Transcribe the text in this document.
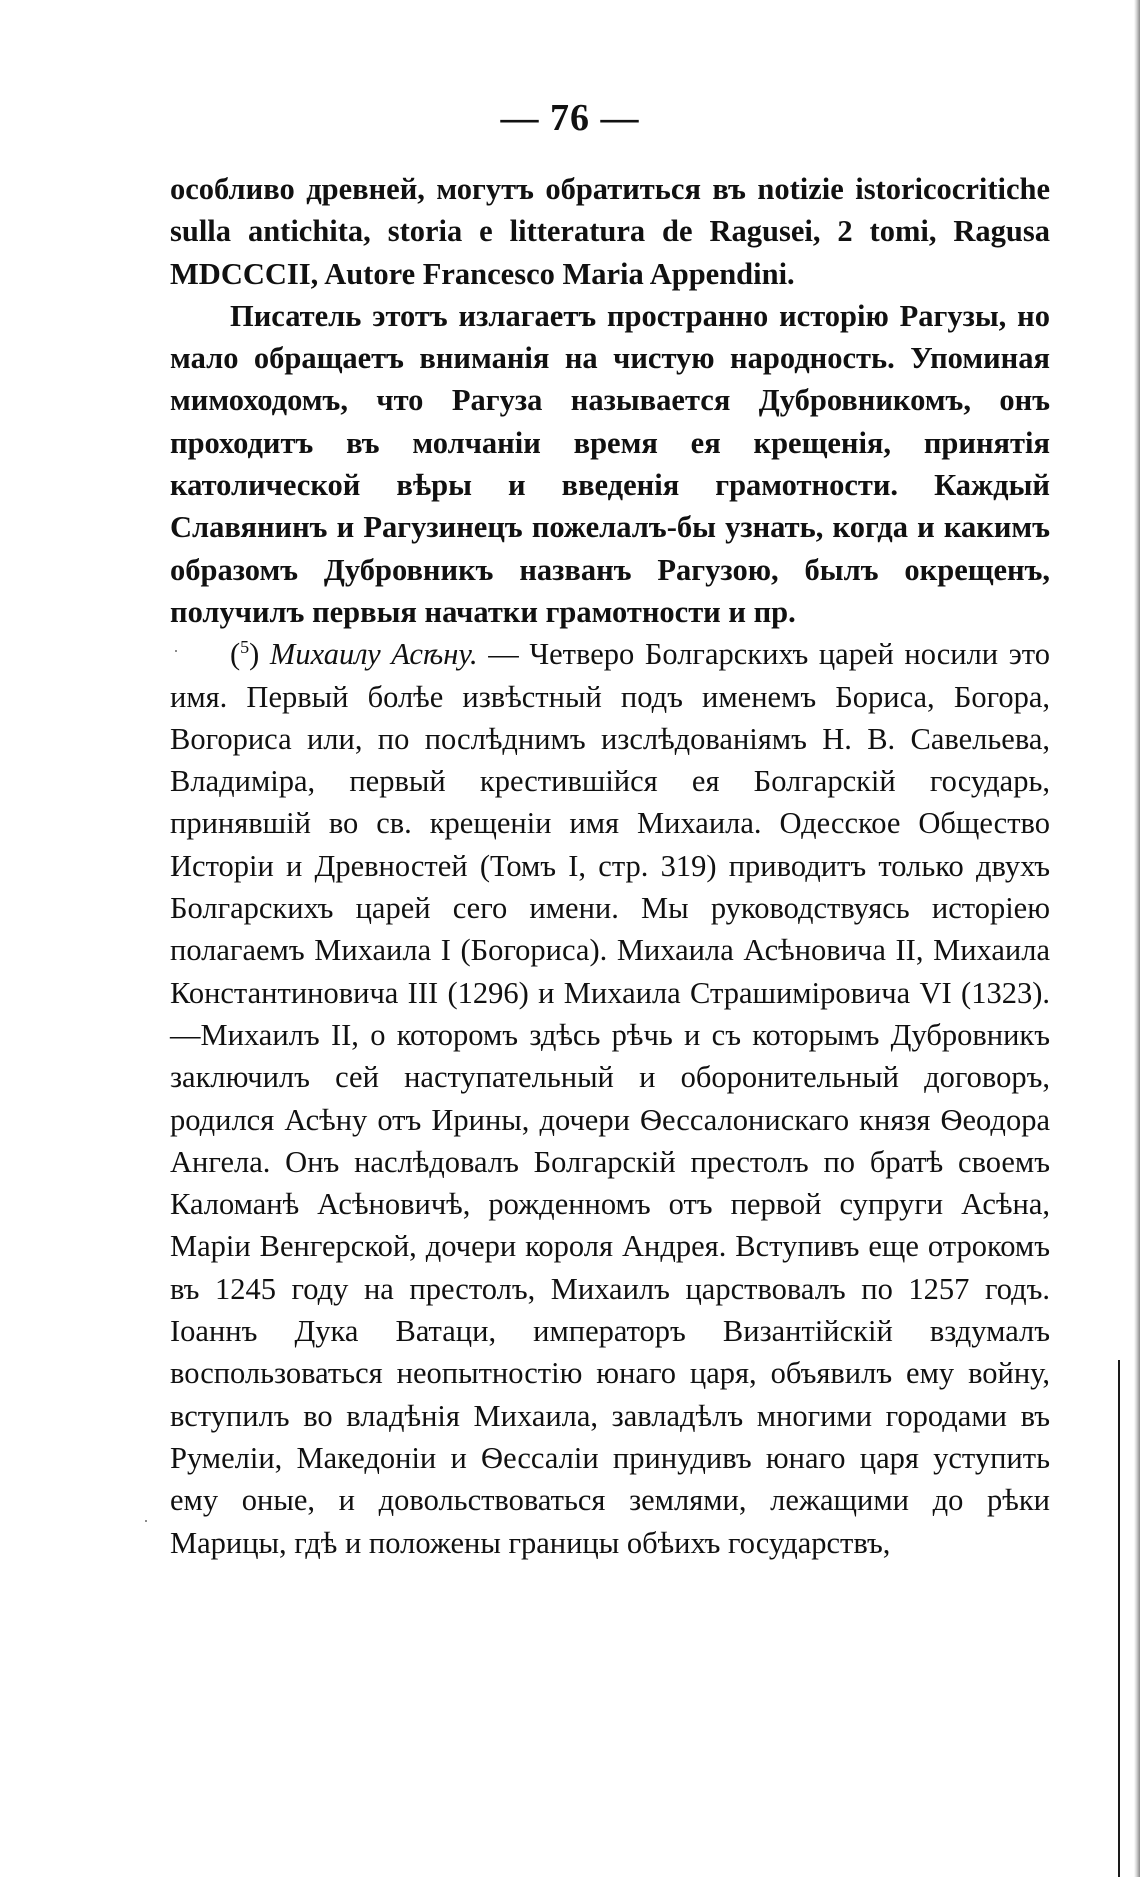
— 76 —

особливо древней, могутъ обратиться въ notizie istoricocritiche sulla antichita, storia e litteratura de Ragusei, 2 tomi, Ragusa MDCCCII, Autore Francesco Maria Appendini.

Писатель этотъ излагаетъ пространно исторію Рагузы, но мало обращаетъ вниманія на чистую народность. Упоминая мимоходомъ, что Рагуза называется Дубровникомъ, онъ проходитъ въ молчаніи время ея крещенія, принятія католической вѣры и введенія грамотности. Каждый Славянинъ и Рагузинецъ пожелалъ-бы узнать, когда и какимъ образомъ Дубровникъ названъ Рагузою, былъ окрещенъ, получилъ первыя начатки грамотности и пр.

($^5$) Михаилу Асѣну. — Четверо Болгарскихъ царей носили это имя. Первый болѣе извѣстный подъ именемъ Бориса, Богора, Вогориса или, по послѣднимъ изслѣдованіямъ Н. В. Савельева, Владиміра, первый крестившійся ея Болгарскій государь, принявшій во св. крещеніи имя Михаила. Одесское Общество Исторіи и Древностей (Томъ I, стр. 319) приводитъ только двухъ Болгарскихъ царей сего имени. Мы руководствуясь исторіею полагаемъ Михаила I (Богориса). Михаила Асѣновича II, Михаила Константиновича III (1296) и Михаила Страшиміровича VI (1323).—Михаилъ II, о которомъ здѣсь рѣчь и съ которымъ Дубровникъ заключилъ сей наступательный и оборонительный договоръ, родился Асѣну отъ Ирины, дочери Ѳессалонискаго князя Ѳеодора Ангела. Онъ наслѣдовалъ Болгарскій престолъ по братѣ своемъ Каломанѣ Асѣновичѣ, рожденномъ отъ первой супруги Асѣна, Маріи Венгерской, дочери короля Андрея. Вступивъ еще отрокомъ въ 1245 году на престолъ, Михаилъ царствовалъ по 1257 годъ. Іоаннъ Дука Ватаци, императоръ Византійскій вздумалъ воспользоваться неопытностію юнаго царя, объявилъ ему войну, вступилъ во владѣнія Михаила, завладѣлъ многими городами въ Румеліи, Македоніи и Ѳессаліи принудивъ юнаго царя уступить ему оные, и довольствоваться землями, лежащими до рѣки Марицы, гдѣ и положены границы обѣихъ государствъ,
